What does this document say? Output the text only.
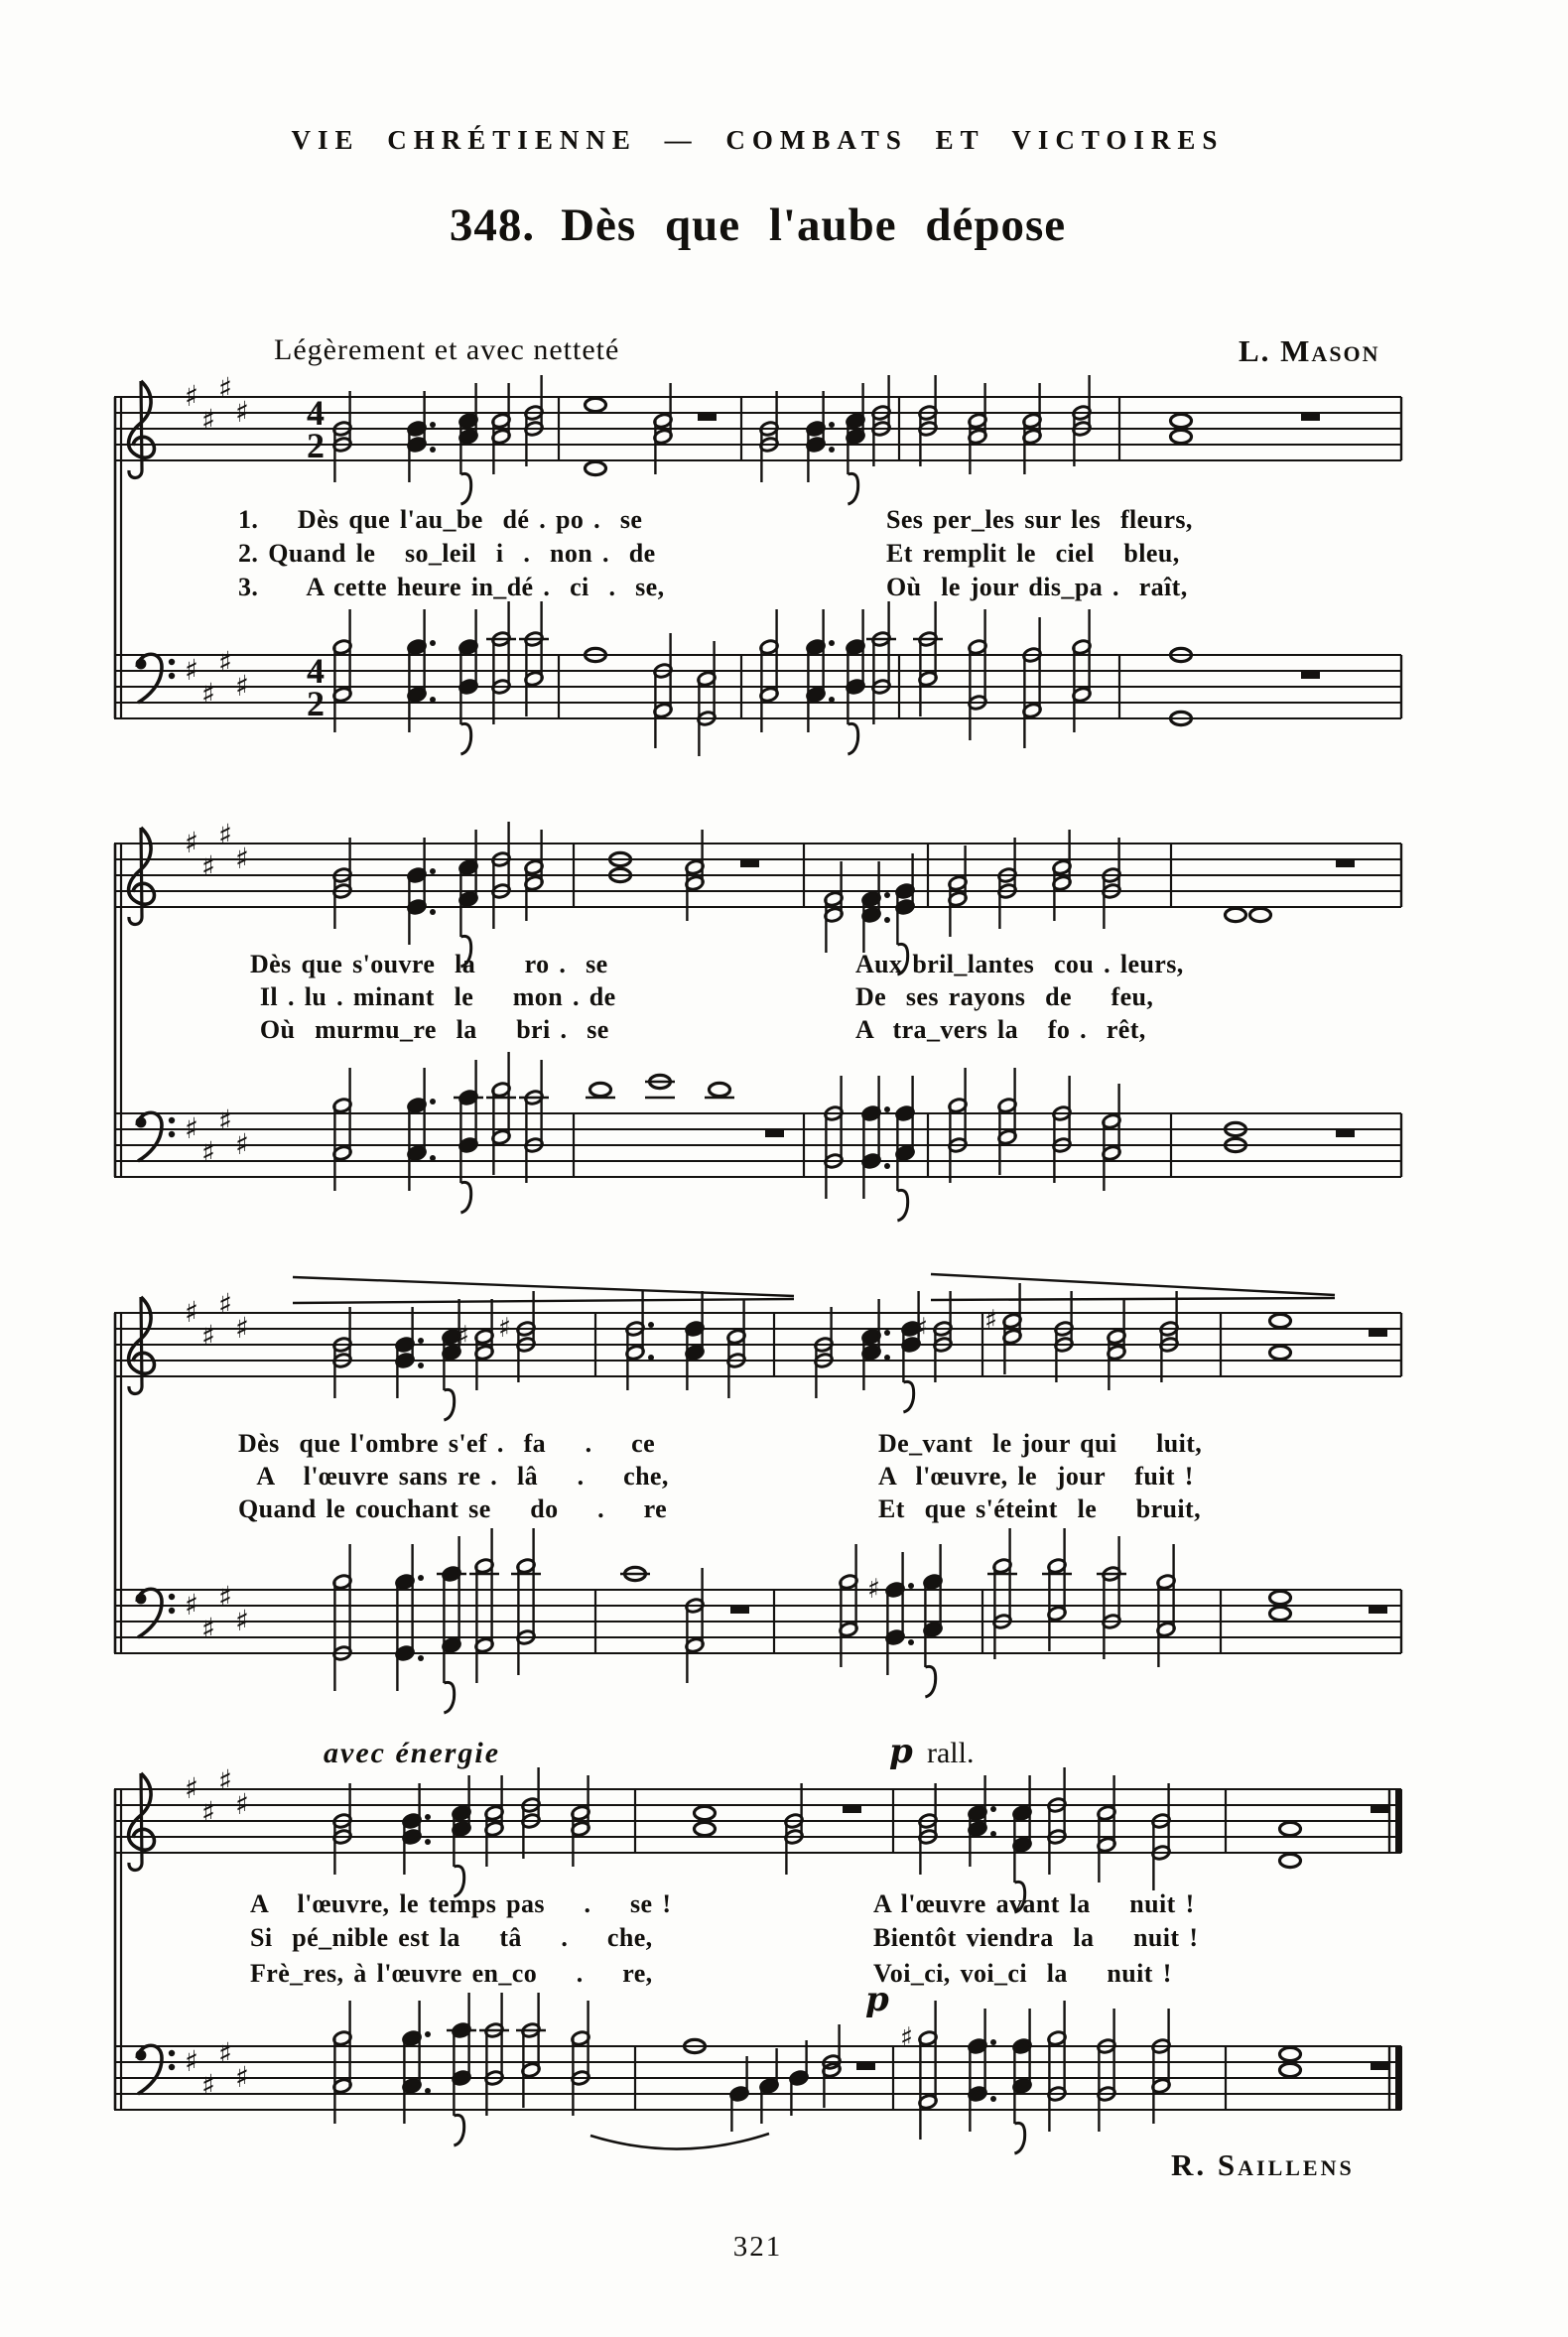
♯
♯
♯
♯
♯
♯
♯
♯
4
2
4
2
♯
♯
♯
♯
♯
♯
♯
♯
♯
♯
♯
♯
♯
♯
♯
♯
♯ ♯	♯ ♯
♯
♯
♯
♯
♯
♯
♯
♯
♯
♯
VIE CHRÉTIENNE — COMBATS ET VICTOIRES
348. Dès que l'aube dépose
Légèrement et avec netteté	L. Mason
1.    Dès que l'au_be  dé . po .  se	Ses per_les sur les  fleurs,
2. Quand le   so_leil  i  .  non .  de	Et remplit le  ciel   bleu,
3.     A cette heure in_dé .  ci  .  se,	Où  le jour dis_pa .  raît,
Dès que s'ouvre  la     ro .  se	Aux bril_lantes  cou . leurs,
Il . lu . minant  le    mon . de	De  ses rayons  de    feu,
Où  murmu_re  la    bri .  se	A  tra_vers la   fo .  rêt,
Dès  que l'ombre s'ef .  fa    .    ce	De_vant  le jour qui    luit,
A   l'œuvre sans re .  lâ    .    che,	A  l'œuvre, le  jour   fuit !
Quand le couchant se    do    .    re	Et  que s'éteint  le    bruit,
A   l'œuvre, le temps pas    .    se !	A l'œuvre avant la    nuit !
Si  pé_nible est la    tâ    .    che,	Bientôt viendra  la    nuit !
Frè_res, à l'œuvre en_co    .    re,	Voi_ci, voi_ci  la    nuit !
avec énergie	p rall.
p
R. Saillens
321
